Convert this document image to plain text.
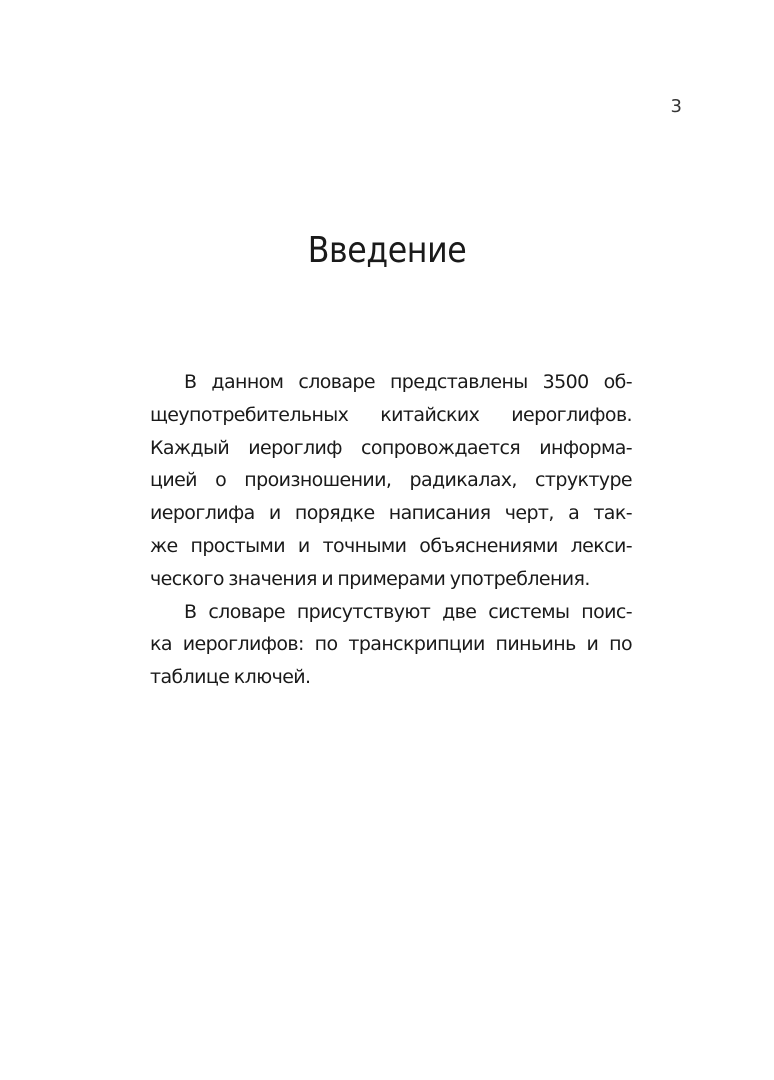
3
Введение
В данном словаре представлены 3500 об-
щеупотребительных китайских иероглифов.
Каждый иероглиф сопровождается информа-
цией о произношении, радикалах, структуре
иероглифа и порядке написания черт, а так-
же простыми и точными объяснениями лекси-
ческого значения и примерами употребления.
В словаре присутствуют две системы поис-
ка иероглифов: по транскрипции пиньинь и по
таблице ключей.
